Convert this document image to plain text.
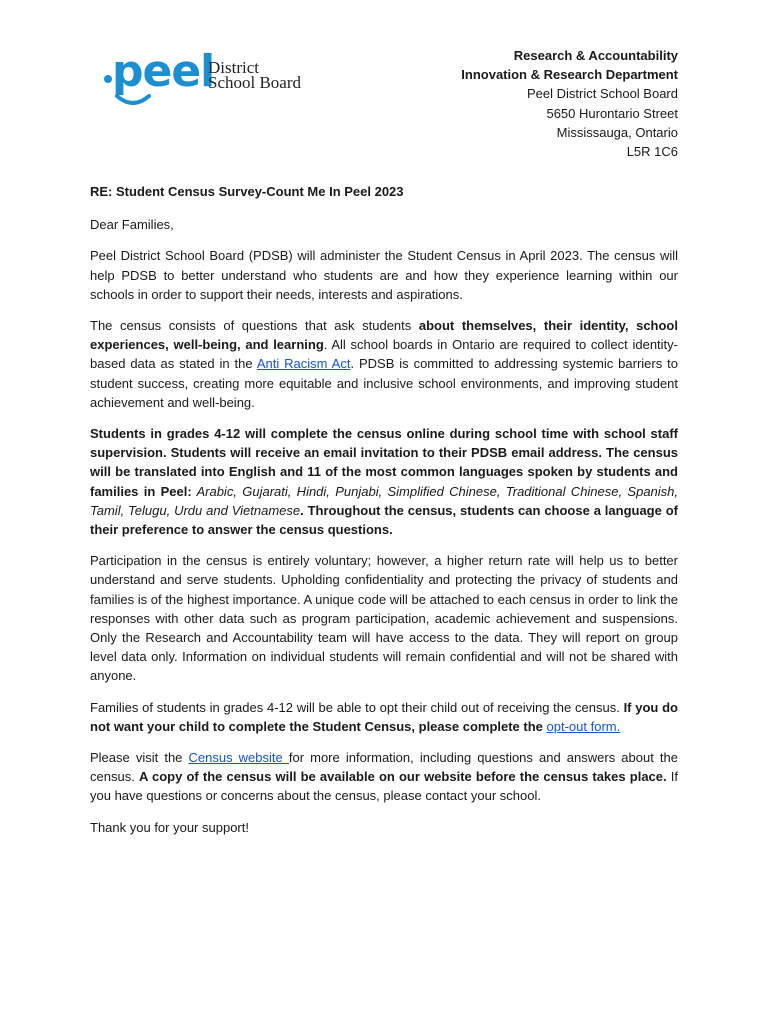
peel
District
School Board
Research & Accountability
Innovation & Research Department
Peel District School Board
5650 Hurontario Street
Mississauga, Ontario
L5R 1C6

RE: Student Census Survey-Count Me In Peel 2023

Dear Families,

Peel District School Board (PDSB) will administer the Student Census in April 2023. The census will help PDSB to better understand who students are and how they experience learning within our schools in order to support their needs, interests and aspirations.

The census consists of questions that ask students about themselves, their identity, school experiences, well-being, and learning. All school boards in Ontario are required to collect identity-based data as stated in the Anti Racism Act. PDSB is committed to addressing systemic barriers to student success, creating more equitable and inclusive school environments, and improving student achievement and well-being.

Students in grades 4-12 will complete the census online during school time with school staff supervision. Students will receive an email invitation to their PDSB email address. The census will be translated into English and 11 of the most common languages spoken by students and families in Peel: Arabic, Gujarati, Hindi, Punjabi, Simplified Chinese, Traditional Chinese, Spanish, Tamil, Telugu, Urdu and Vietnamese. Throughout the census, students can choose a language of their preference to answer the census questions.

Participation in the census is entirely voluntary; however, a higher return rate will help us to better understand and serve students. Upholding confidentiality and protecting the privacy of students and families is of the highest importance. A unique code will be attached to each census in order to link the responses with other data such as program participation, academic achievement and suspensions. Only the Research and Accountability team will have access to the data. They will report on group level data only. Information on individual students will remain confidential and will not be shared with anyone.

Families of students in grades 4-12 will be able to opt their child out of receiving the census. If you do not want your child to complete the Student Census, please complete the opt-out form.

Please visit the Census website for more information, including questions and answers about the census. A copy of the census will be available on our website before the census takes place. If you have questions or concerns about the census, please contact your school.

Thank you for your support!
